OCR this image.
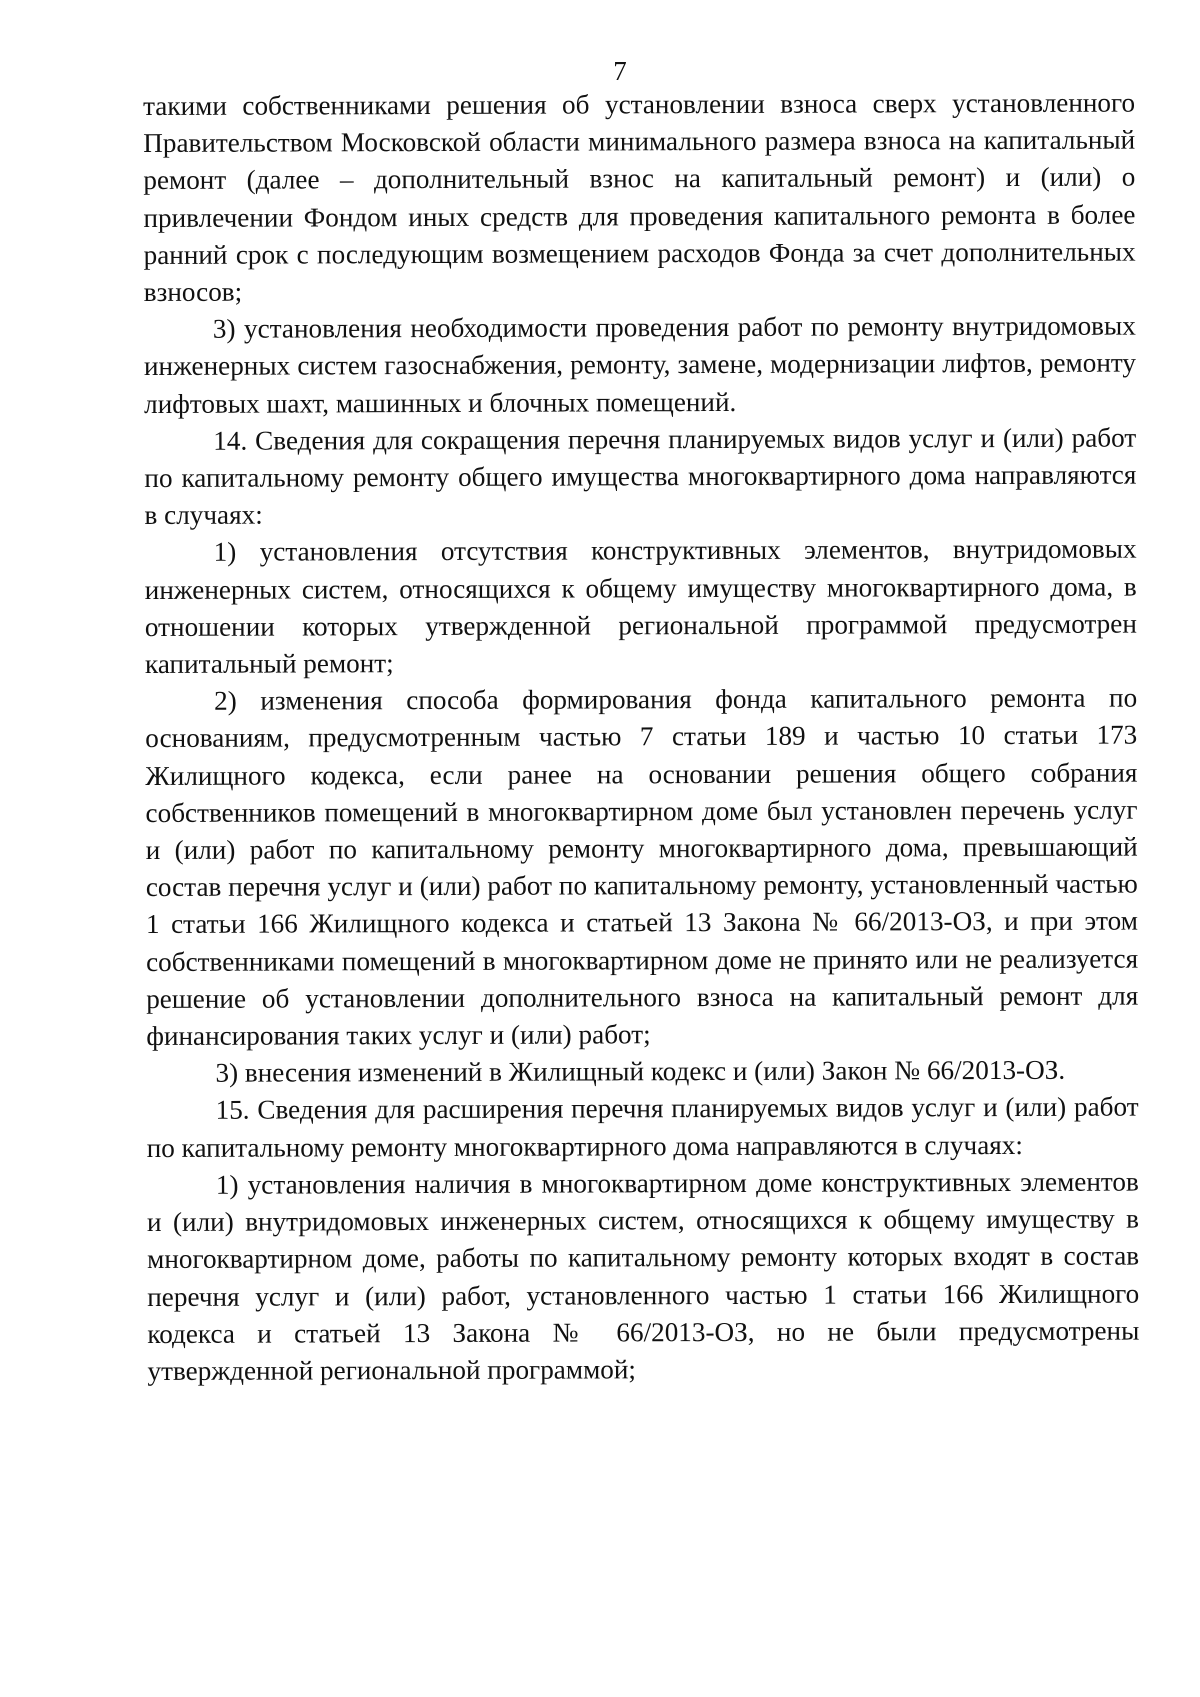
7

такими собственниками решения об установлении взноса сверх установленного Правительством Московской области минимального размера взноса на капитальный ремонт (далее – дополнительный взнос на капитальный ремонт) и (или) о привлечении Фондом иных средств для проведения капитального ремонта в более ранний срок с последующим возмещением расходов Фонда за счет дополнительных взносов;

3) установления необходимости проведения работ по ремонту внутридомовых инженерных систем газоснабжения, ремонту, замене, модернизации лифтов, ремонту лифтовых шахт, машинных и блочных помещений.

14. Сведения для сокращения перечня планируемых видов услуг и (или) работ по капитальному ремонту общего имущества многоквартирного дома направляются в случаях:

1) установления отсутствия конструктивных элементов, внутридомовых инженерных систем, относящихся к общему имуществу многоквартирного дома, в отношении которых утвержденной региональной программой предусмотрен капитальный ремонт;

2) изменения способа формирования фонда капитального ремонта по основаниям, предусмотренным частью 7 статьи 189 и частью 10 статьи 173 Жилищного кодекса, если ранее на основании решения общего собрания собственников помещений в многоквартирном доме был установлен перечень услуг и (или) работ по капитальному ремонту многоквартирного дома, превышающий состав перечня услуг и (или) работ по капитальному ремонту, установленный частью 1 статьи 166 Жилищного кодекса и статьей 13 Закона № 66/2013-ОЗ, и при этом собственниками помещений в многоквартирном доме не принято или не реализуется решение об установлении дополнительного взноса на капитальный ремонт для финансирования таких услуг и (или) работ;

3) внесения изменений в Жилищный кодекс и (или) Закон № 66/2013-ОЗ.

15. Сведения для расширения перечня планируемых видов услуг и (или) работ по капитальному ремонту многоквартирного дома направляются в случаях:

1) установления наличия в многоквартирном доме конструктивных элементов и (или) внутридомовых инженерных систем, относящихся к общему имуществу в многоквартирном доме, работы по капитальному ремонту которых входят в состав перечня услуг и (или) работ, установленного частью 1 статьи 166 Жилищного кодекса и статьей 13 Закона № 66/2013-ОЗ, но не были предусмотрены утвержденной региональной программой;
